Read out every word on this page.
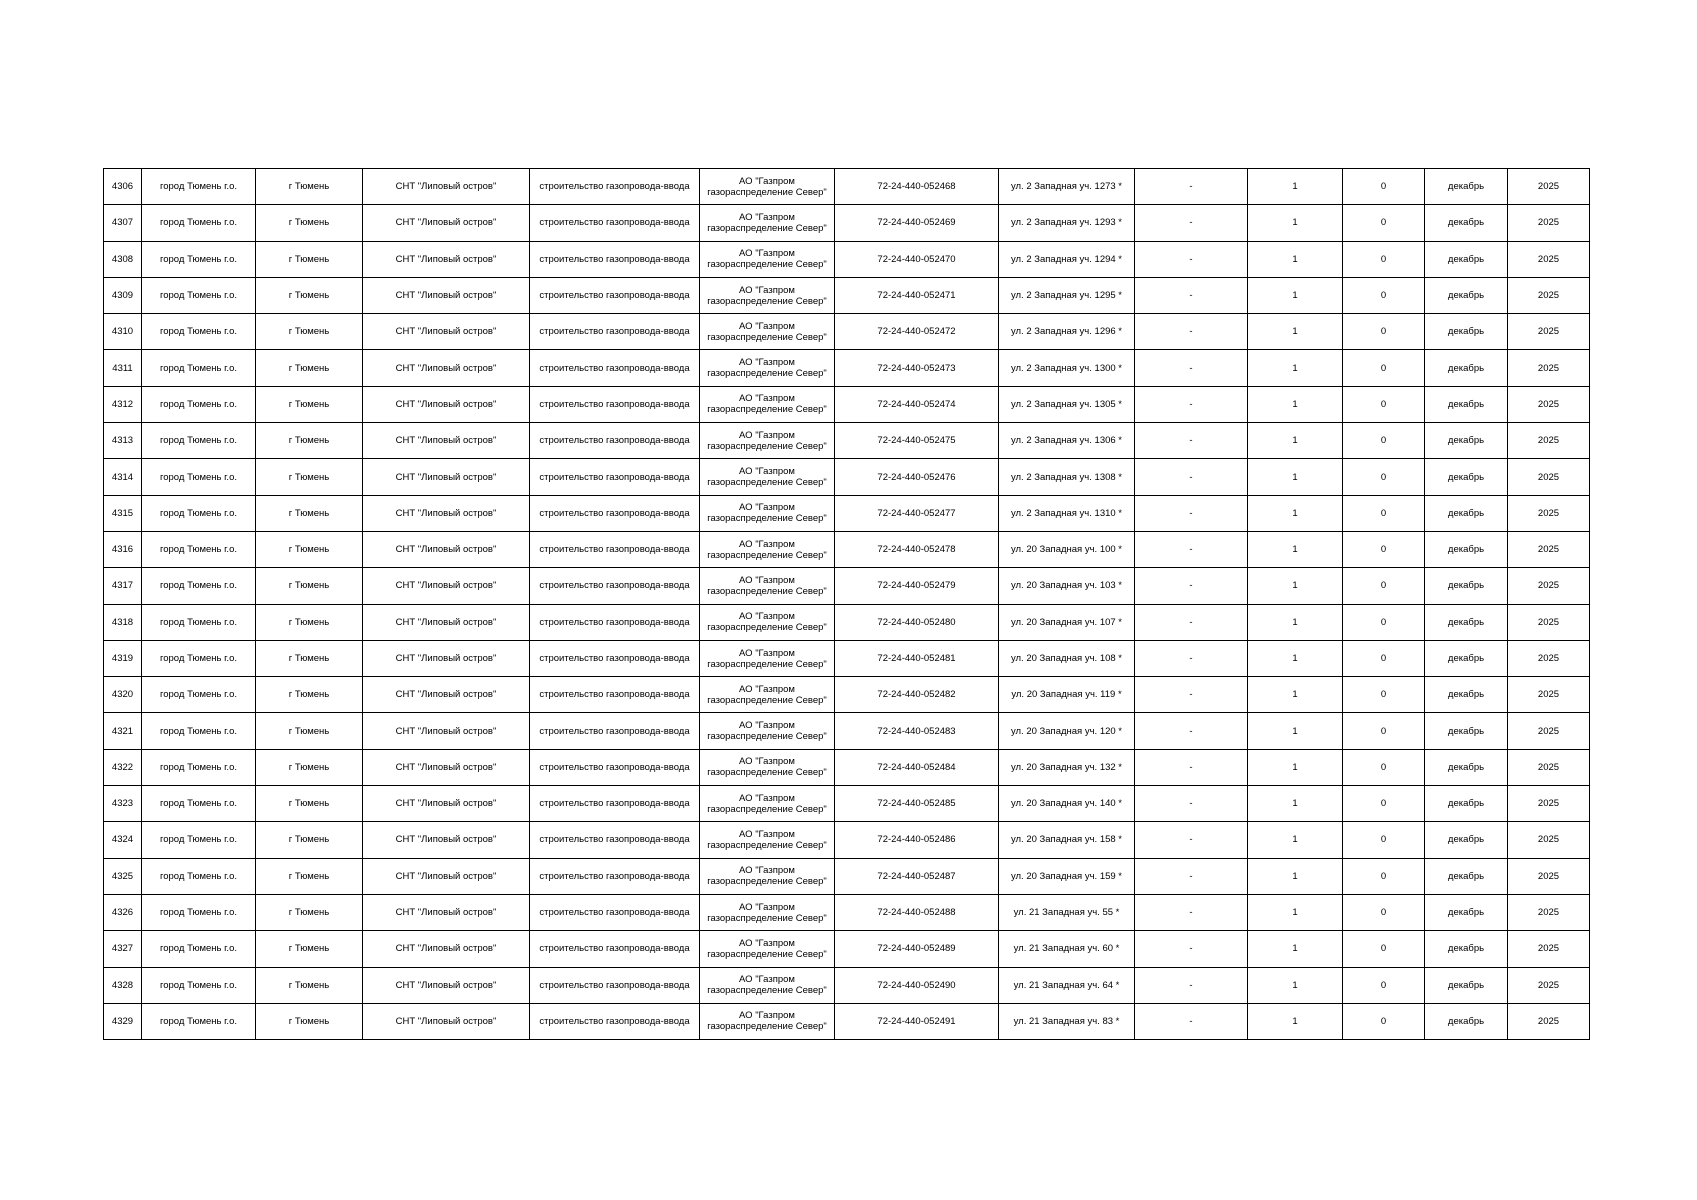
4306	город Тюмень г.о.	г Тюмень	СНТ "Липовый остров"	строительство газопровода-ввода	АО "Газпром газораспределение Север"	72-24-440-052468	ул. 2 Западная уч. 1273 *	-	1	0	декабрь	2025
4307	город Тюмень г.о.	г Тюмень	СНТ "Липовый остров"	строительство газопровода-ввода	АО "Газпром газораспределение Север"	72-24-440-052469	ул. 2 Западная уч. 1293 *	-	1	0	декабрь	2025
4308	город Тюмень г.о.	г Тюмень	СНТ "Липовый остров"	строительство газопровода-ввода	АО "Газпром газораспределение Север"	72-24-440-052470	ул. 2 Западная уч. 1294 *	-	1	0	декабрь	2025
4309	город Тюмень г.о.	г Тюмень	СНТ "Липовый остров"	строительство газопровода-ввода	АО "Газпром газораспределение Север"	72-24-440-052471	ул. 2 Западная уч. 1295 *	-	1	0	декабрь	2025
4310	город Тюмень г.о.	г Тюмень	СНТ "Липовый остров"	строительство газопровода-ввода	АО "Газпром газораспределение Север"	72-24-440-052472	ул. 2 Западная уч. 1296 *	-	1	0	декабрь	2025
4311	город Тюмень г.о.	г Тюмень	СНТ "Липовый остров"	строительство газопровода-ввода	АО "Газпром газораспределение Север"	72-24-440-052473	ул. 2 Западная уч. 1300 *	-	1	0	декабрь	2025
4312	город Тюмень г.о.	г Тюмень	СНТ "Липовый остров"	строительство газопровода-ввода	АО "Газпром газораспределение Север"	72-24-440-052474	ул. 2 Западная уч. 1305 *	-	1	0	декабрь	2025
4313	город Тюмень г.о.	г Тюмень	СНТ "Липовый остров"	строительство газопровода-ввода	АО "Газпром газораспределение Север"	72-24-440-052475	ул. 2 Западная уч. 1306 *	-	1	0	декабрь	2025
4314	город Тюмень г.о.	г Тюмень	СНТ "Липовый остров"	строительство газопровода-ввода	АО "Газпром газораспределение Север"	72-24-440-052476	ул. 2 Западная уч. 1308 *	-	1	0	декабрь	2025
4315	город Тюмень г.о.	г Тюмень	СНТ "Липовый остров"	строительство газопровода-ввода	АО "Газпром газораспределение Север"	72-24-440-052477	ул. 2 Западная уч. 1310 *	-	1	0	декабрь	2025
4316	город Тюмень г.о.	г Тюмень	СНТ "Липовый остров"	строительство газопровода-ввода	АО "Газпром газораспределение Север"	72-24-440-052478	ул. 20 Западная уч. 100 *	-	1	0	декабрь	2025
4317	город Тюмень г.о.	г Тюмень	СНТ "Липовый остров"	строительство газопровода-ввода	АО "Газпром газораспределение Север"	72-24-440-052479	ул. 20 Западная уч. 103 *	-	1	0	декабрь	2025
4318	город Тюмень г.о.	г Тюмень	СНТ "Липовый остров"	строительство газопровода-ввода	АО "Газпром газораспределение Север"	72-24-440-052480	ул. 20 Западная уч. 107 *	-	1	0	декабрь	2025
4319	город Тюмень г.о.	г Тюмень	СНТ "Липовый остров"	строительство газопровода-ввода	АО "Газпром газораспределение Север"	72-24-440-052481	ул. 20 Западная уч. 108 *	-	1	0	декабрь	2025
4320	город Тюмень г.о.	г Тюмень	СНТ "Липовый остров"	строительство газопровода-ввода	АО "Газпром газораспределение Север"	72-24-440-052482	ул. 20 Западная уч. 119 *	-	1	0	декабрь	2025
4321	город Тюмень г.о.	г Тюмень	СНТ "Липовый остров"	строительство газопровода-ввода	АО "Газпром газораспределение Север"	72-24-440-052483	ул. 20 Западная уч. 120 *	-	1	0	декабрь	2025
4322	город Тюмень г.о.	г Тюмень	СНТ "Липовый остров"	строительство газопровода-ввода	АО "Газпром газораспределение Север"	72-24-440-052484	ул. 20 Западная уч. 132 *	-	1	0	декабрь	2025
4323	город Тюмень г.о.	г Тюмень	СНТ "Липовый остров"	строительство газопровода-ввода	АО "Газпром газораспределение Север"	72-24-440-052485	ул. 20 Западная уч. 140 *	-	1	0	декабрь	2025
4324	город Тюмень г.о.	г Тюмень	СНТ "Липовый остров"	строительство газопровода-ввода	АО "Газпром газораспределение Север"	72-24-440-052486	ул. 20 Западная уч. 158 *	-	1	0	декабрь	2025
4325	город Тюмень г.о.	г Тюмень	СНТ "Липовый остров"	строительство газопровода-ввода	АО "Газпром газораспределение Север"	72-24-440-052487	ул. 20 Западная уч. 159 *	-	1	0	декабрь	2025
4326	город Тюмень г.о.	г Тюмень	СНТ "Липовый остров"	строительство газопровода-ввода	АО "Газпром газораспределение Север"	72-24-440-052488	ул. 21 Западная уч. 55 *	-	1	0	декабрь	2025
4327	город Тюмень г.о.	г Тюмень	СНТ "Липовый остров"	строительство газопровода-ввода	АО "Газпром газораспределение Север"	72-24-440-052489	ул. 21 Западная уч. 60 *	-	1	0	декабрь	2025
4328	город Тюмень г.о.	г Тюмень	СНТ "Липовый остров"	строительство газопровода-ввода	АО "Газпром газораспределение Север"	72-24-440-052490	ул. 21 Западная уч. 64 *	-	1	0	декабрь	2025
4329	город Тюмень г.о.	г Тюмень	СНТ "Липовый остров"	строительство газопровода-ввода	АО "Газпром газораспределение Север"	72-24-440-052491	ул. 21 Западная уч. 83 *	-	1	0	декабрь	2025
